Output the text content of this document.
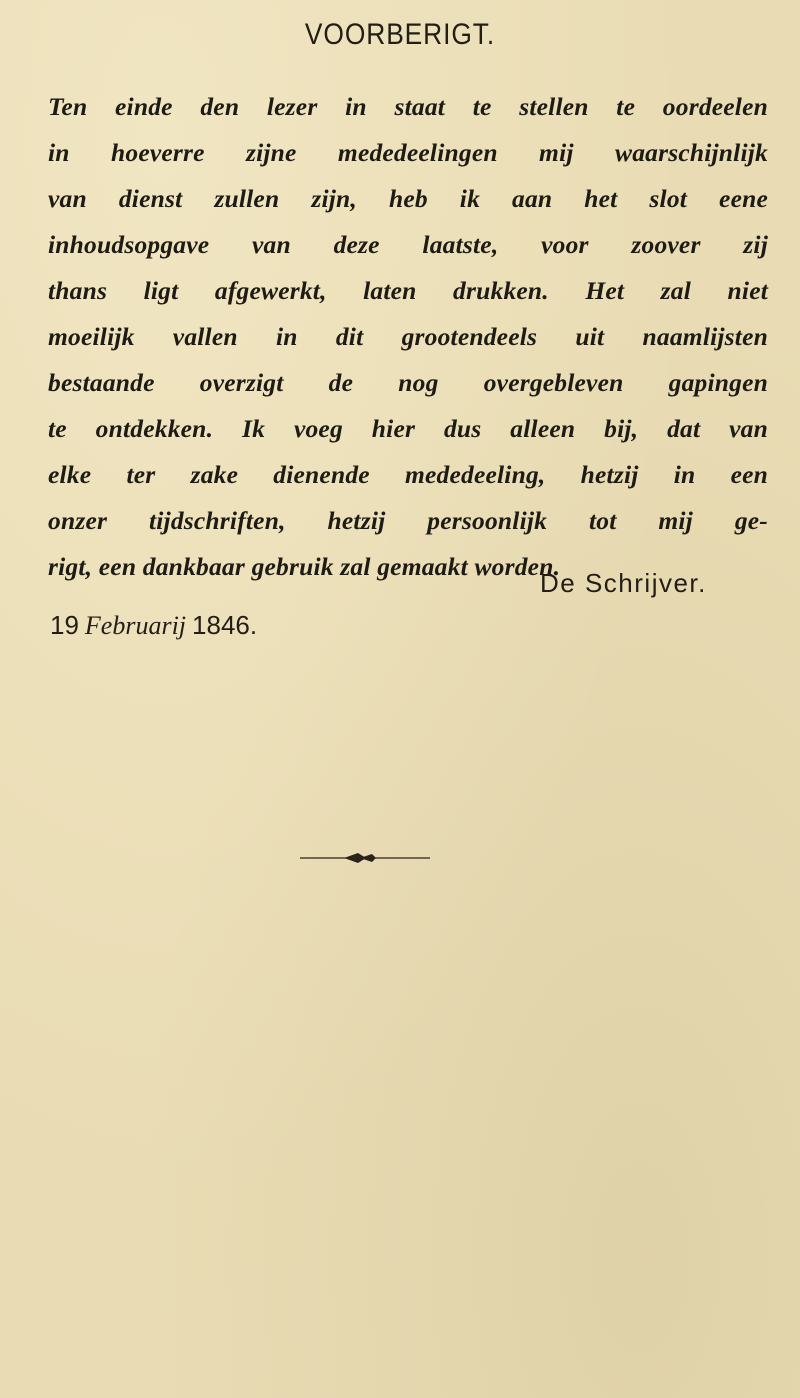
VOORBERIGT.
Ten einde den lezer in staat te stellen te oordeelen
in hoeverre zijne mededeelingen mij waarschijnlijk
van dienst zullen zijn, heb ik aan het slot eene
inhoudsopgave van deze laatste, voor zoover zij
thans ligt afgewerkt, laten drukken. Het zal niet
moeilijk vallen in dit grootendeels uit naamlijsten
bestaande overzigt de nog overgebleven gapingen
te ontdekken. Ik voeg hier dus alleen bij, dat van
elke ter zake dienende mededeeling, hetzij in een
onzer tijdschriften, hetzij persoonlijk tot mij ge-
rigt, een dankbaar gebruik zal gemaakt worden.
De Schrijver.
19 Februarij 1846.
